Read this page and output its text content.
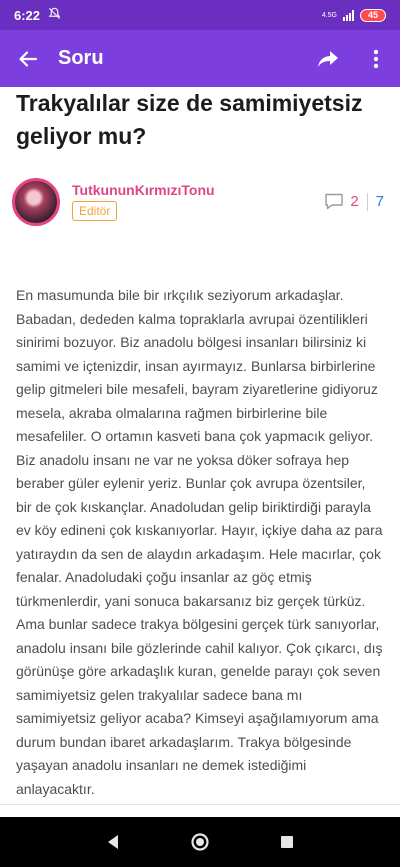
6:22	4.5G	45
Soru
Trakyalılar size de samimiyetsiz geliyor mu?
TutkununKırmızıTonu
Editör
2 7

En masumunda bile bir ırkçılık seziyorum arkadaşlar. Babadan, dededen kalma topraklarla avrupai özentilikleri sinirimi bozuyor. Biz anadolu bölgesi insanları bilirsiniz ki samimi ve içtenizdir, insan ayırmayız. Bunlarsa birbirlerine gelip gitmeleri bile mesafeli, bayram ziyaretlerine gidiyoruz mesela, akraba olmalarına rağmen birbirlerine bile mesafeliler. O ortamın kasveti bana çok yapmacık geliyor. Biz anadolu insanı ne var ne yoksa döker sofraya hep beraber güler eylenir yeriz. Bunlar çok avrupa özentsiler, bir de çok kıskançlar. Anadoludan gelip biriktirdiği parayla ev köy edineni çok kıskanıyorlar. Hayır, içkiye daha az para yatıraydın da sen de alaydın arkadaşım. Hele macırlar, çok fenalar. Anadoludaki çoğu insanlar az göç etmiş türkmenlerdir, yani sonuca bakarsanız biz gerçek türküz. Ama bunlar sadece trakya bölgesini gerçek türk sanıyorlar, anadolu insanı bile gözlerinde cahil kalıyor. Çok çıkarcı, dış görünüşe göre arkadaşlık kuran, genelde parayı çok seven samimiyetsiz gelen trakyalılar sadece bana mı samimiyetsiz geliyor acaba? Kimseyi aşağılamıyorum ama durum bundan ibaret arkadaşlarım. Trakya bölgesinde yaşayan anadolu insanları ne demek istediğimi anlayacaktır.
